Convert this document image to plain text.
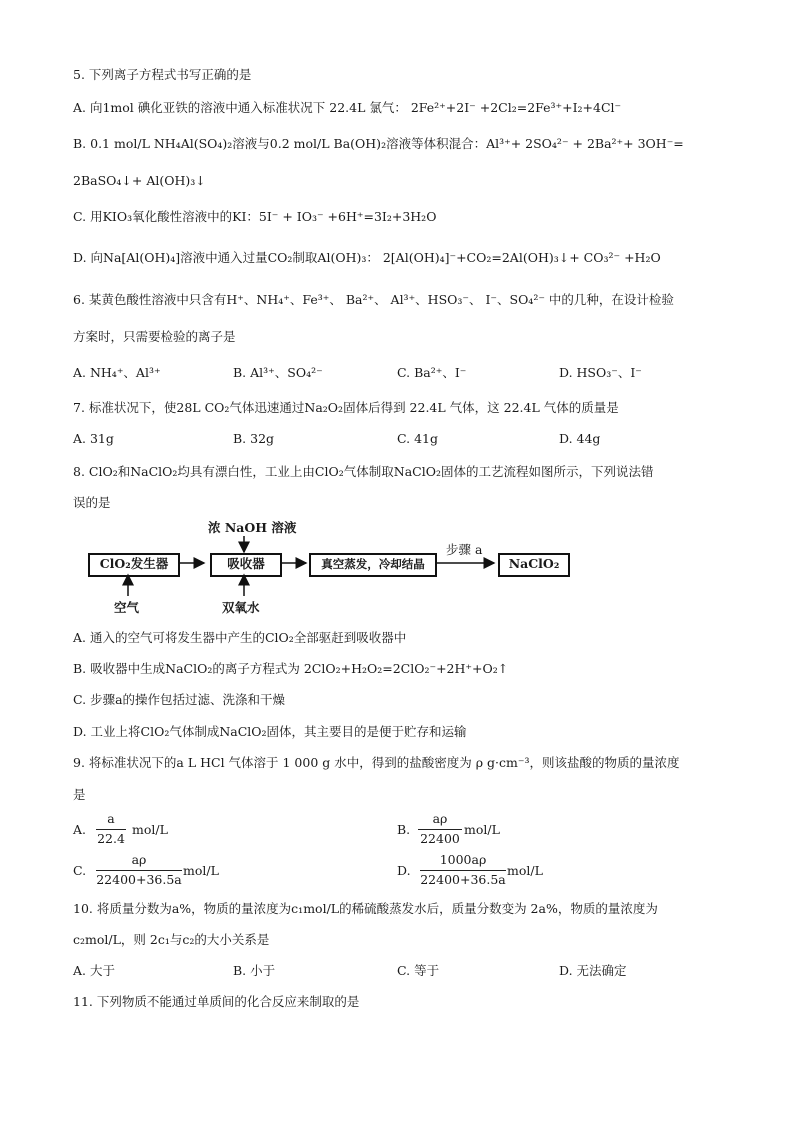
5. 下列离子方程式书写正确的是
A. 向1mol 碘化亚铁的溶液中通入标准状况下 22.4L 氯气： 2Fe²⁺+2I⁻ +2Cl₂=2Fe³⁺+I₂+4Cl⁻
B. 0.1 mol/L NH₄Al(SO₄)₂溶液与0.2 mol/L Ba(OH)₂溶液等体积混合：Al³⁺+ 2SO₄²⁻ + 2Ba²⁺+ 3OH⁻=
2BaSO₄↓+ Al(OH)₃↓
C. 用KIO₃氧化酸性溶液中的KI：5I⁻ + IO₃⁻ +6H⁺=3I₂+3H₂O
D. 向Na[Al(OH)₄]溶液中通入过量CO₂制取Al(OH)₃： 2[Al(OH)₄]⁻+CO₂=2Al(OH)₃↓+ CO₃²⁻ +H₂O
6. 某黄色酸性溶液中只含有H⁺、NH₄⁺、Fe³⁺、 Ba²⁺、 Al³⁺、HSO₃⁻、 I⁻、SO₄²⁻ 中的几种，在设计检验
方案时，只需要检验的离子是
A. NH₄⁺、Al³⁺	B. Al³⁺、SO₄²⁻	C. Ba²⁺、I⁻	D. HSO₃⁻、I⁻
7. 标准状况下，使28L CO₂气体迅速通过Na₂O₂固体后得到 22.4L 气体，这 22.4L 气体的质量是
A. 31g	B. 32g	C. 41g	D. 44g
8. ClO₂和NaClO₂均具有漂白性，工业上由ClO₂气体制取NaClO₂固体的工艺流程如图所示，下列说法错
误的是
浓 NaOH 溶液
ClO₂发生器	吸收器	真空蒸发，冷却结晶
步骤 a
NaClO₂
空气	双氧水
A. 通入的空气可将发生器中产生的ClO₂全部驱赶到吸收器中
B. 吸收器中生成NaClO₂的离子方程式为 2ClO₂+H₂O₂=2ClO₂⁻+2H⁺+O₂↑
C. 步骤a的操作包括过滤、洗涤和干燥
D. 工业上将ClO₂气体制成NaClO₂固体，其主要目的是便于贮存和运输
9. 将标准状况下的a L HCl 气体溶于 1 000 g 水中，得到的盐酸密度为 ρ g·cm⁻³，则该盐酸的物质的量浓度
是
A.
a
22.4
mol/L	B.
aρ
22400
mol/L
C.
aρ
22400+36.5a
mol/L	D.
1000aρ
22400+36.5a
mol/L
10. 将质量分数为a%，物质的量浓度为c₁mol/L的稀硫酸蒸发水后，质量分数变为 2a%，物质的量浓度为
c₂mol/L，则 2c₁与c₂的大小关系是
A. 大于	B. 小于	C. 等于	D. 无法确定
11. 下列物质不能通过单质间的化合反应来制取的是
